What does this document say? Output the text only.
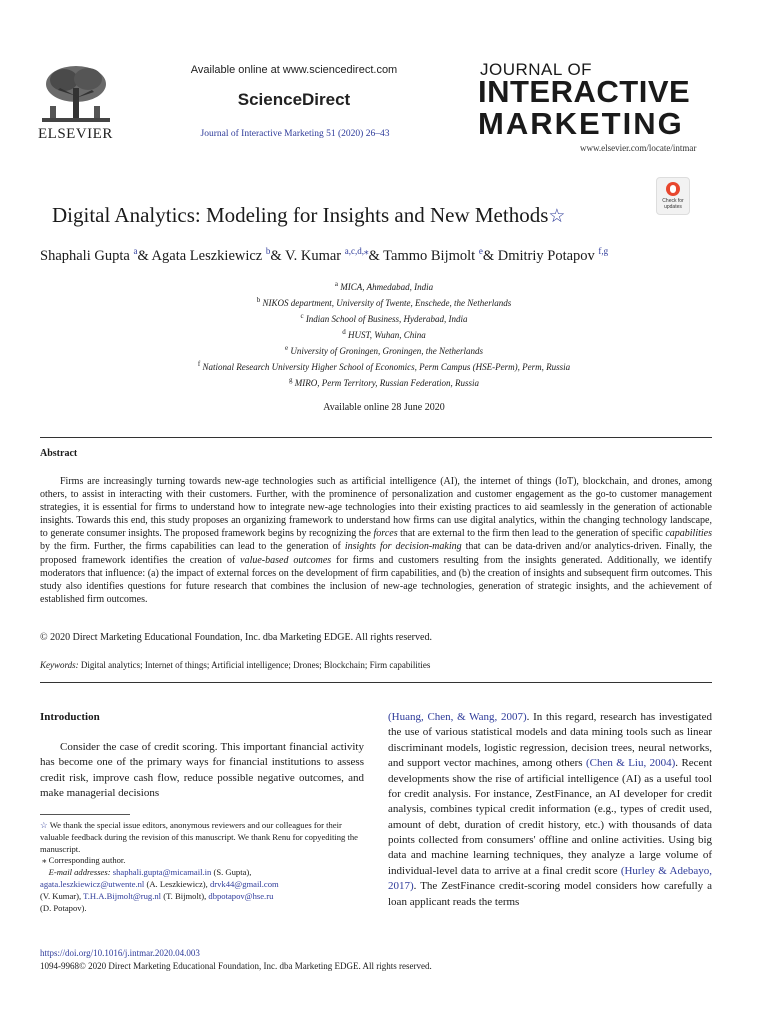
ELSEVIER
Available online at www.sciencedirect.com
ScienceDirect
Journal of Interactive Marketing 51 (2020) 26–43
JOURNAL OF
INTERACTIVE
MARKETING
www.elsevier.com/locate/intmar
Check for updates
Digital Analytics: Modeling for Insights and New Methods☆
Shaphali Gupta $^a$& Agata Leszkiewicz $^b$& V. Kumar $^{a,c,d,⁎}$& Tammo Bijmolt $^e$& Dmitriy Potapov $^{f,g}$
$^a$ MICA, Ahmedabad, India
$^b$ NIKOS department, University of Twente, Enschede, the Netherlands
$^c$ Indian School of Business, Hyderabad, India
$^d$ HUST, Wuhan, China
$^e$ University of Groningen, Groningen, the Netherlands
$^f$ National Research University Higher School of Economics, Perm Campus (HSE-Perm), Perm, Russia
$^g$ MIRO, Perm Territory, Russian Federation, Russia
Available online 28 June 2020
Abstract
Firms are increasingly turning towards new-age technologies such as artificial intelligence (AI), the internet of things (IoT), blockchain, and drones, among others, to assist in interacting with their customers. Further, with the prominence of personalization and customer engagement as the go-to customer management strategies, it is essential for firms to understand how to integrate new-age technologies into their existing practices to aid seamlessly in the generation of actionable insights. Towards this end, this study proposes an organizing framework to understand how firms can use digital analytics, within the changing technology landscape, to generate consumer insights. The proposed framework begins by recognizing the forces that are external to the firm then lead to the generation of specific capabilities by the firm. Further, the firms capabilities can lead to the generation of insights for decision-making that can be data-driven and/or analytics-driven. Finally, the proposed framework identifies the creation of value-based outcomes for firms and customers resulting from the insights generated. Additionally, we identify moderators that influence: (a) the impact of external forces on the development of firm capabilities, and (b) the creation of insights and subsequent firm outcomes. This study also identifies questions for future research that combines the inclusion of new-age technologies, generation of strategic insights, and the achievement of established firm outcomes.
© 2020 Direct Marketing Educational Foundation, Inc. dba Marketing EDGE. All rights reserved.
Keywords: Digital analytics; Internet of things; Artificial intelligence; Drones; Blockchain; Firm capabilities
Introduction
Consider the case of credit scoring. This important financial activity has become one of the primary ways for financial institutions to assess credit risk, improve cash flow, reduce possible negative outcomes, and make managerial decisions
☆ We thank the special issue editors, anonymous reviewers and our colleagues for their valuable feedback during the revision of this manuscript. We thank Renu for copyediting the manuscript.
⁎ Corresponding author.
E-mail addresses: shaphali.gupta@micamail.in (S. Gupta),
agata.leszkiewicz@utwente.nl (A. Leszkiewicz), drvk44@gmail.com
(V. Kumar), T.H.A.Bijmolt@rug.nl (T. Bijmolt), dbpotapov@hse.ru
(D. Potapov).
(Huang, Chen, & Wang, 2007). In this regard, research has investigated the use of various statistical models and data mining tools such as linear discriminant models, logistic regression, decision trees, neural networks, and support vector machines, among others (Chen & Liu, 2004). Recent developments show the rise of artificial intelligence (AI) as a useful tool for credit analysis. For instance, ZestFinance, an AI developer for credit analysis, combines typical credit information (e.g., types of credit used, amount of debt, duration of credit history, etc.) with thousands of data points collected from consumers' offline and online activities. Using big data and machine learning techniques, they analyze a large volume of individual-level data to arrive at a final credit score (Hurley & Adebayo, 2017). The ZestFinance credit-scoring model considers how carefully a loan applicant reads the terms
https://doi.org/10.1016/j.intmar.2020.04.003
1094-9968© 2020 Direct Marketing Educational Foundation, Inc. dba Marketing EDGE. All rights reserved.
